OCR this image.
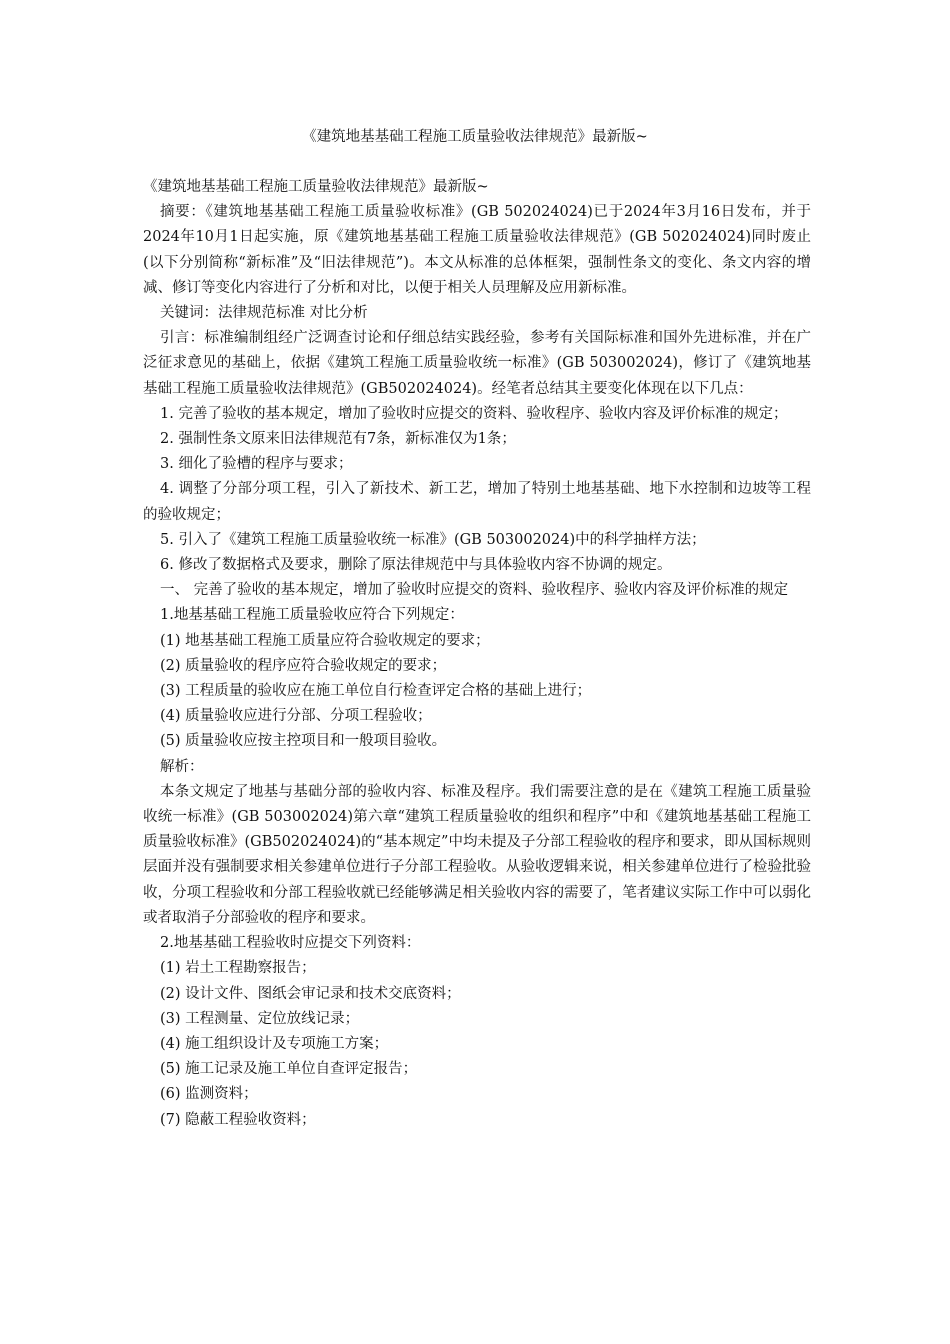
《建筑地基基础工程施工质量验收法律规范》最新版~

《建筑地基基础工程施工质量验收法律规范》最新版~

摘要：《建筑地基基础工程施工质量验收标准》(GB 502024024)已于2024年3月16日发布，并于2024年10月1日起实施，原《建筑地基基础工程施工质量验收法律规范》(GB 502024024)同时废止(以下分别简称“新标准”及“旧法律规范”)。本文从标准的总体框架，强制性条文的变化、条文内容的增减、修订等变化内容进行了分析和对比，以便于相关人员理解及应用新标准。

关键词：法律规范标准 对比分析

引言：标准编制组经广泛调查讨论和仔细总结实践经验，参考有关国际标准和国外先进标准，并在广泛征求意见的基础上，依据《建筑工程施工质量验收统一标准》(GB 503002024)，修订了《建筑地基基础工程施工质量验收法律规范》(GB502024024)。经笔者总结其主要变化体现在以下几点：

1. 完善了验收的基本规定，增加了验收时应提交的资料、验收程序、验收内容及评价标准的规定；

2. 强制性条文原来旧法律规范有7条，新标准仅为1条；

3. 细化了验槽的程序与要求；

4. 调整了分部分项工程，引入了新技术、新工艺，增加了特别土地基基础、地下水控制和边坡等工程的验收规定；

5. 引入了《建筑工程施工质量验收统一标准》(GB 503002024)中的科学抽样方法；

6. 修改了数据格式及要求，删除了原法律规范中与具体验收内容不协调的规定。

一、 完善了验收的基本规定，增加了验收时应提交的资料、验收程序、验收内容及评价标准的规定

1.地基基础工程施工质量验收应符合下列规定：

(1) 地基基础工程施工质量应符合验收规定的要求；

(2) 质量验收的程序应符合验收规定的要求；

(3) 工程质量的验收应在施工单位自行检查评定合格的基础上进行；

(4) 质量验收应进行分部、分项工程验收；

(5) 质量验收应按主控项目和一般项目验收。

解析：

本条文规定了地基与基础分部的验收内容、标准及程序。我们需要注意的是在《建筑工程施工质量验收统一标准》(GB 503002024)第六章“建筑工程质量验收的组织和程序”中和《建筑地基基础工程施工质量验收标准》(GB502024024)的“基本规定”中均未提及子分部工程验收的程序和要求，即从国标规则层面并没有强制要求相关参建单位进行子分部工程验收。从验收逻辑来说，相关参建单位进行了检验批验收，分项工程验收和分部工程验收就已经能够满足相关验收内容的需要了，笔者建议实际工作中可以弱化或者取消子分部验收的程序和要求。

2.地基基础工程验收时应提交下列资料：

(1) 岩土工程勘察报告；

(2) 设计文件、图纸会审记录和技术交底资料；

(3) 工程测量、定位放线记录；

(4) 施工组织设计及专项施工方案；

(5) 施工记录及施工单位自查评定报告；

(6) 监测资料；

(7) 隐蔽工程验收资料；
